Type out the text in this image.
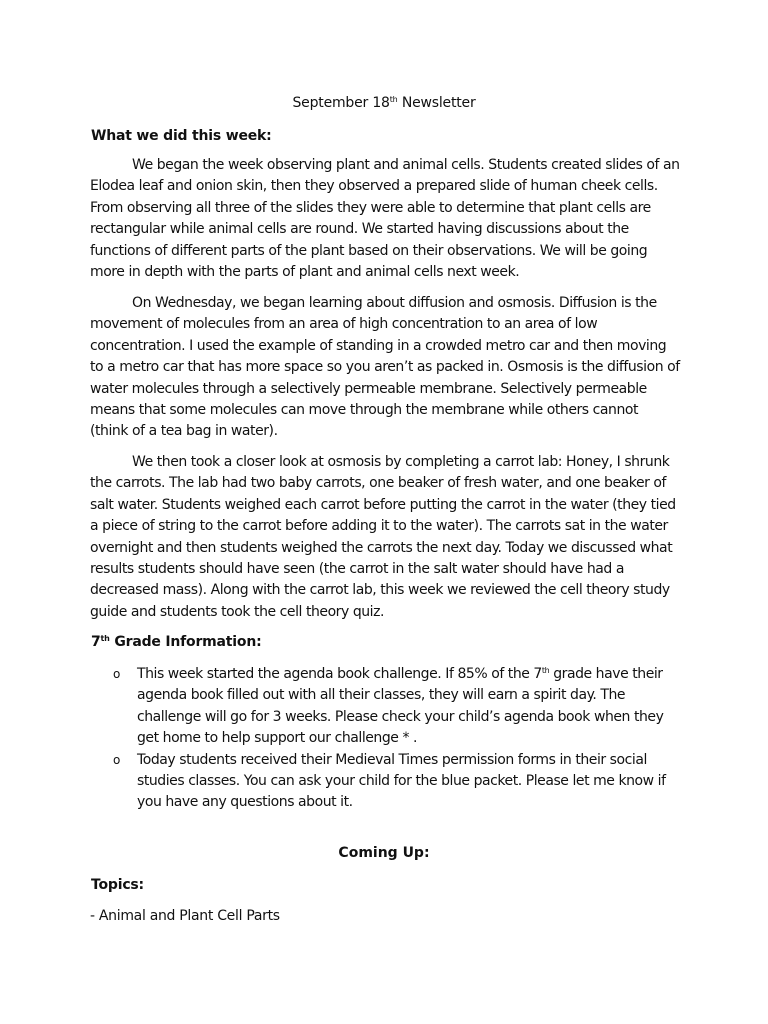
September 18th Newsletter
What we did this week:

We began the week observing plant and animal cells. Students created slides of an Elodea leaf and onion skin, then they observed a prepared slide of human cheek cells. From observing all three of the slides they were able to determine that plant cells are rectangular while animal cells are round. We started having discussions about the functions of different parts of the plant based on their observations. We will be going more in depth with the parts of plant and animal cells next week.

On Wednesday, we began learning about diffusion and osmosis. Diffusion is the movement of molecules from an area of high concentration to an area of low concentration. I used the example of standing in a crowded metro car and then moving to a metro car that has more space so you aren’t as packed in. Osmosis is the diffusion of water molecules through a selectively permeable membrane. Selectively permeable means that some molecules can move through the membrane while others cannot (think of a tea bag in water).

We then took a closer look at osmosis by completing a carrot lab: Honey, I shrunk the carrots. The lab had two baby carrots, one beaker of fresh water, and one beaker of salt water. Students weighed each carrot before putting the carrot in the water (they tied a piece of string to the carrot before adding it to the water). The carrots sat in the water overnight and then students weighed the carrots the next day. Today we discussed what results students should have seen (the carrot in the salt water should have had a decreased mass). Along with the carrot lab, this week we reviewed the cell theory study guide and students took the cell theory quiz.

7th Grade Information:
o This week started the agenda book challenge. If 85% of the 7th grade have their agenda book filled out with all their classes, they will earn a spirit day. The challenge will go for 3 weeks. Please check your child’s agenda book when they get home to help support our challenge * .
o Today students received their Medieval Times permission forms in their social studies classes. You can ask your child for the blue packet. Please let me know if you have any questions about it.
Coming Up:
Topics:
- Animal and Plant Cell Parts
